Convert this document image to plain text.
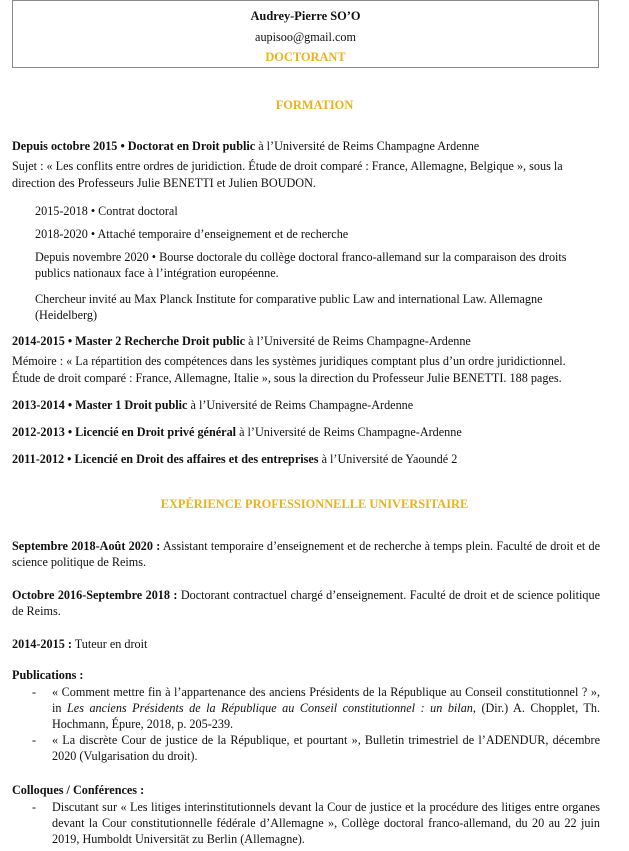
Audrey-Pierre SO’O
aupisoo@gmail.com
DOCTORANT
FORMATION
Depuis octobre 2015 • Doctorat en Droit public à l’Université de Reims Champagne Ardenne
Sujet : « Les conflits entre ordres de juridiction. Étude de droit comparé : France, Allemagne, Belgique », sous la
direction des Professeurs Julie BENETTI et Julien BOUDON.
2015-2018 • Contrat doctoral
2018-2020 • Attaché temporaire d’enseignement et de recherche
Depuis novembre 2020 • Bourse doctorale du collège doctoral franco-allemand sur la comparaison des droits publics nationaux face à l’intégration européenne.
Chercheur invité au Max Planck Institute for comparative public Law and international Law. Allemagne (Heidelberg)
2014-2015 • Master 2 Recherche Droit public à l’Université de Reims Champagne-Ardenne
Mémoire : « La répartition des compétences dans les systèmes juridiques comptant plus d’un ordre juridictionnel.
Étude de droit comparé : France, Allemagne, Italie », sous la direction du Professeur Julie BENETTI. 188 pages.
2013-2014 • Master 1 Droit public à l’Université de Reims Champagne-Ardenne
2012-2013 • Licencié en Droit privé général à l’Université de Reims Champagne-Ardenne
2011-2012 • Licencié en Droit des affaires et des entreprises à l’Université de Yaoundé 2
EXPÉRIENCE PROFESSIONNELLE UNIVERSITAIRE
Septembre 2018-Août 2020 : Assistant temporaire d’enseignement et de recherche à temps plein. Faculté de droit et de science politique de Reims.
Octobre 2016-Septembre 2018 : Doctorant contractuel chargé d’enseignement. Faculté de droit et de science politique de Reims.
2014-2015 : Tuteur en droit
Publications :
- « Comment mettre fin à l’appartenance des anciens Présidents de la République au Conseil constitutionnel ? », in Les anciens Présidents de la République au Conseil constitutionnel : un bilan, (Dir.) A. Chopplet, Th. Hochmann, Épure, 2018, p. 205-239.
- « La discrète Cour de justice de la République, et pourtant », Bulletin trimestriel de l’ADENDUR, décembre 2020 (Vulgarisation du droit).
Colloques / Conférences :
- Discutant sur « Les litiges interinstitutionnels devant la Cour de justice et la procédure des litiges entre organes devant la Cour constitutionnelle fédérale d’Allemagne », Collège doctoral franco-allemand, du 20 au 22 juin 2019, Humboldt Universität zu Berlin (Allemagne).
